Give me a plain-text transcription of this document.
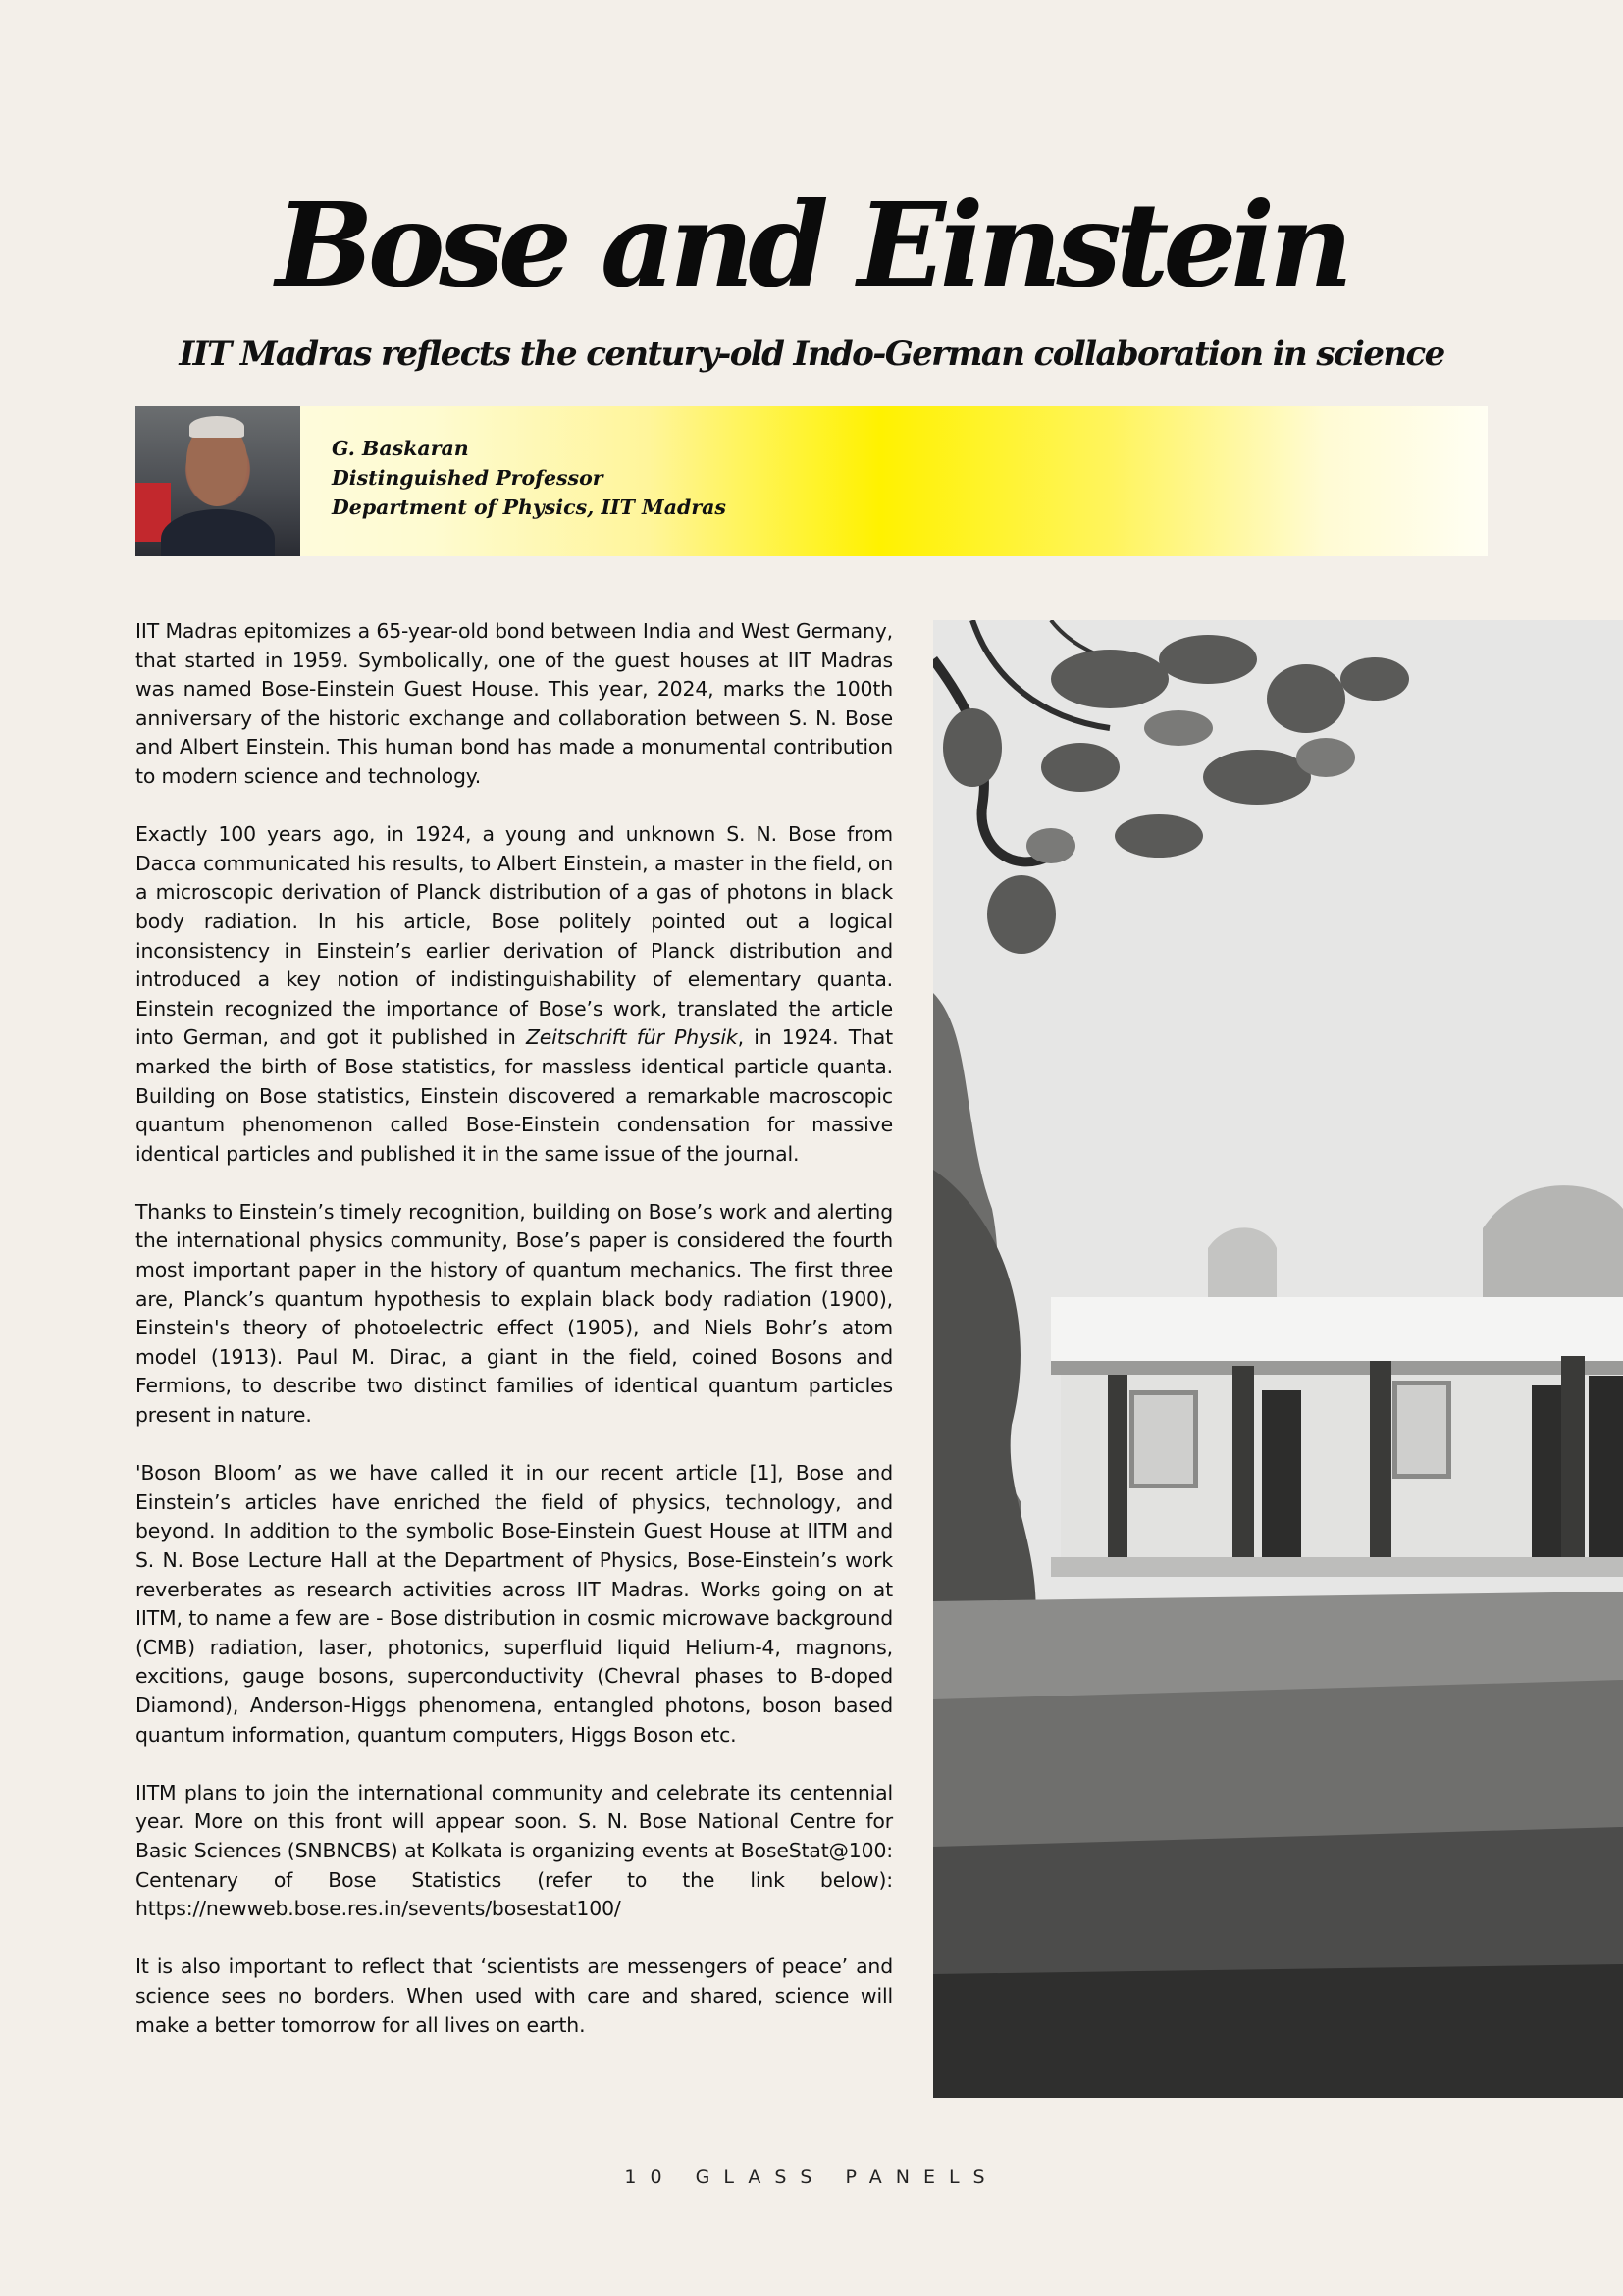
Bose and Einstein
IIT Madras reflects the century-old Indo-German collaboration in science
G. Baskaran
Distinguished Professor
Department of Physics, IIT Madras

IIT Madras epitomizes a 65-year-old bond between India and West Germany, that started in 1959. Symbolically, one of the guest houses at IIT Madras was named Bose-Einstein Guest House. This year, 2024, marks the 100th anniversary of the historic exchange and collaboration between S. N. Bose and Albert Einstein. This human bond has made a monumental contribution to modern science and technology.

Exactly 100 years ago, in 1924, a young and unknown S. N. Bose from Dacca communicated his results, to Albert Einstein, a master in the field, on a microscopic derivation of Planck distribution of a gas of photons in black body radiation. In his article, Bose politely pointed out a logical inconsistency in Einstein’s earlier derivation of Planck distribution and introduced a key notion of indistinguishability of elementary quanta. Einstein recognized the importance of Bose’s work, translated the article into German, and got it published in Zeitschrift für Physik, in 1924. That marked the birth of Bose statistics, for massless identical particle quanta. Building on Bose statistics, Einstein discovered a remarkable macroscopic quantum phenomenon called Bose-Einstein condensation for massive identical particles and published it in the same issue of the journal.

Thanks to Einstein’s timely recognition, building on Bose’s work and alerting the international physics community, Bose’s paper is considered the fourth most important paper in the history of quantum mechanics. The first three are, Planck’s quantum hypothesis to explain black body radiation (1900), Einstein's theory of photoelectric effect (1905), and Niels Bohr’s atom model (1913). Paul M. Dirac, a giant in the field, coined Bosons and Fermions, to describe two distinct families of identical quantum particles present in nature.

'Boson Bloom’ as we have called it in our recent article [1], Bose and Einstein’s articles have enriched the field of physics, technology, and beyond. In addition to the symbolic Bose-Einstein Guest House at IITM and S. N. Bose Lecture Hall at the Department of Physics, Bose-Einstein’s work reverberates as research activities across IIT Madras. Works going on at IITM, to name a few are - Bose distribution in cosmic microwave background (CMB) radiation, laser, photonics, superfluid liquid Helium-4, magnons, excitions, gauge bosons, superconductivity (Chevral phases to B-doped Diamond), Anderson-Higgs phenomena, entangled photons, boson based quantum information, quantum computers, Higgs Boson etc.

IITM plans to join the international community and celebrate its centennial year. More on this front will appear soon. S. N. Bose National Centre for Basic Sciences (SNBNCBS) at Kolkata is organizing events at BoseStat@100: Centenary of Bose Statistics (refer to the link below): https://newweb.bose.res.in/sevents/bosestat100/

It is also important to reflect that ‘scientists are messengers of peace’ and science sees no borders. When used with care and shared, science will make a better tomorrow for all lives on earth.

10 GLASS PANELS
